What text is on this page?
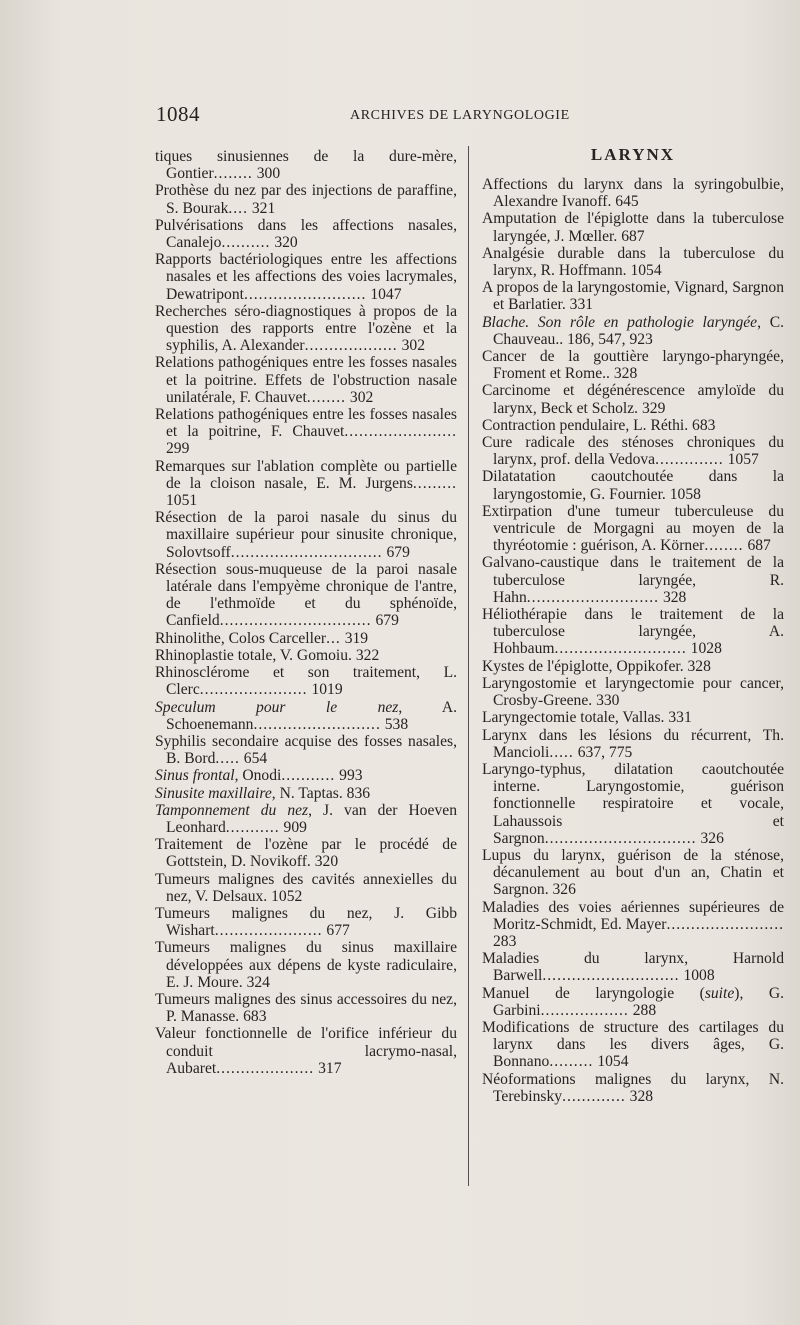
1084	ARCHIVES DE LARYNGOLOGIE

tiques sinusiennes de la dure-mère, Gontier........ 300

Prothèse du nez par des injections de paraffine, S. Bourak.... 321

Pulvérisations dans les affections nasales, Canalejo.......... 320

Rapports bactériologiques entre les affections nasales et les affections des voies lacrymales, Dewatripont......................... 1047

Recherches séro-diagnostiques à propos de la question des rapports entre l'ozène et la syphilis, A. Alexander................... 302

Relations pathogéniques entre les fosses nasales et la poitrine. Effets de l'obstruction nasale unilatérale, F. Chauvet........ 302

Relations pathogéniques entre les fosses nasales et la poitrine, F. Chauvet....................... 299

Remarques sur l'ablation complète ou partielle de la cloison nasale, E. M. Jurgens......... 1051

Résection de la paroi nasale du sinus du maxillaire supérieur pour sinusite chronique, Solovtsoff............................... 679

Résection sous-muqueuse de la paroi nasale latérale dans l'empyème chronique de l'antre, de l'ethmoïde et du sphénoïde, Canfield............................... 679

Rhinolithe, Colos Carceller... 319

Rhinoplastie totale, V. Gomoiu. 322

Rhinosclérome et son traitement, L. Clerc...................... 1019

Speculum pour le nez, A. Schoenemann.......................... 538

Syphilis secondaire acquise des fosses nasales, B. Bord..... 654

Sinus frontal, Onodi........... 993

Sinusite maxillaire, N. Taptas. 836

Tamponnement du nez, J. van der Hoeven Leonhard........... 909

Traitement de l'ozène par le procédé de Gottstein, D. Novikoff. 320

Tumeurs malignes des cavités annexielles du nez, V. Delsaux. 1052

Tumeurs malignes du nez, J. Gibb Wishart...................... 677

Tumeurs malignes du sinus maxillaire développées aux dépens de kyste radiculaire, E. J. Moure. 324

Tumeurs malignes des sinus accessoires du nez, P. Manasse. 683

Valeur fonctionnelle de l'orifice inférieur du conduit lacrymo-nasal, Aubaret.................... 317

LARYNX

Affections du larynx dans la syringobulbie, Alexandre Ivanoff. 645

Amputation de l'épiglotte dans la tuberculose laryngée, J. Mœller. 687

Analgésie durable dans la tuberculose du larynx, R. Hoffmann. 1054

A propos de la laryngostomie, Vignard, Sargnon et Barlatier. 331

Blache. Son rôle en pathologie laryngée, C. Chauveau.. 186, 547, 923

Cancer de la gouttière laryngo-pharyngée, Froment et Rome.. 328

Carcinome et dégénérescence amyloïde du larynx, Beck et Scholz. 329

Contraction pendulaire, L. Réthi. 683

Cure radicale des sténoses chroniques du larynx, prof. della Vedova.............. 1057

Dilatatation caoutchoutée dans la laryngostomie, G. Fournier. 1058

Extirpation d'une tumeur tuberculeuse du ventricule de Morgagni au moyen de la thyréotomie : guérison, A. Körner........ 687

Galvano-caustique dans le traitement de la tuberculose laryngée, R. Hahn........................... 328

Héliothérapie dans le traitement de la tuberculose laryngée, A. Hohbaum........................... 1028

Kystes de l'épiglotte, Oppikofer. 328

Laryngostomie et laryngectomie pour cancer, Crosby-Greene. 330

Laryngectomie totale, Vallas. 331

Larynx dans les lésions du récurrent, Th. Mancioli..... 637, 775

Laryngo-typhus, dilatation caoutchoutée interne. Laryngostomie, guérison fonctionnelle respiratoire et vocale, Lahaussois et Sargnon............................... 326

Lupus du larynx, guérison de la sténose, décanulement au bout d'un an, Chatin et Sargnon. 326

Maladies des voies aériennes supérieures de Moritz-Schmidt, Ed. Mayer........................ 283

Maladies du larynx, Harnold Barwell............................ 1008

Manuel de laryngologie (suite), G. Garbini.................. 288

Modifications de structure des cartilages du larynx dans les divers âges, G. Bonnano......... 1054

Néoformations malignes du larynx, N. Terebinsky............. 328
